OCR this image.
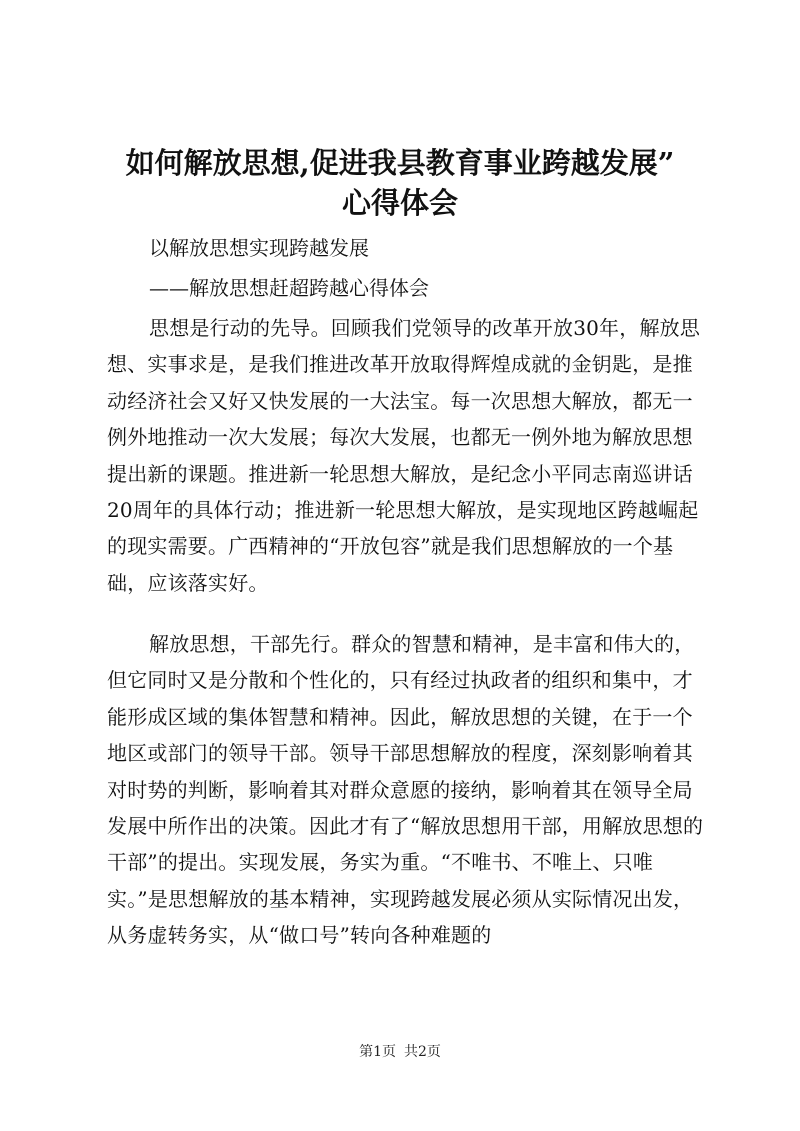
如何解放思想,促进我县教育事业跨越发展”
心得体会

以解放思想实现跨越发展

——解放思想赶超跨越心得体会

思想是行动的先导。回顾我们党领导的改革开放30年，解放思想、实事求是，是我们推进改革开放取得辉煌成就的金钥匙，是推动经济社会又好又快发展的一大法宝。每一次思想大解放，都无一例外地推动一次大发展；每次大发展，也都无一例外地为解放思想提出新的课题。推进新一轮思想大解放，是纪念小平同志南巡讲话20周年的具体行动；推进新一轮思想大解放，是实现地区跨越崛起的现实需要。广西精神的“开放包容”就是我们思想解放的一个基础，应该落实好。

解放思想，干部先行。群众的智慧和精神，是丰富和伟大的，但它同时又是分散和个性化的，只有经过执政者的组织和集中，才能形成区域的集体智慧和精神。因此，解放思想的关键，在于一个地区或部门的领导干部。领导干部思想解放的程度，深刻影响着其对时势的判断，影响着其对群众意愿的接纳，影响着其在领导全局发展中所作出的决策。因此才有了“解放思想用干部，用解放思想的干部”的提出。实现发展，务实为重。“不唯书、不唯上、只唯实。”是思想解放的基本精神，实现跨越发展必须从实际情况出发，从务虚转务实，从“做口号”转向各种难题的

第1页 共2页
